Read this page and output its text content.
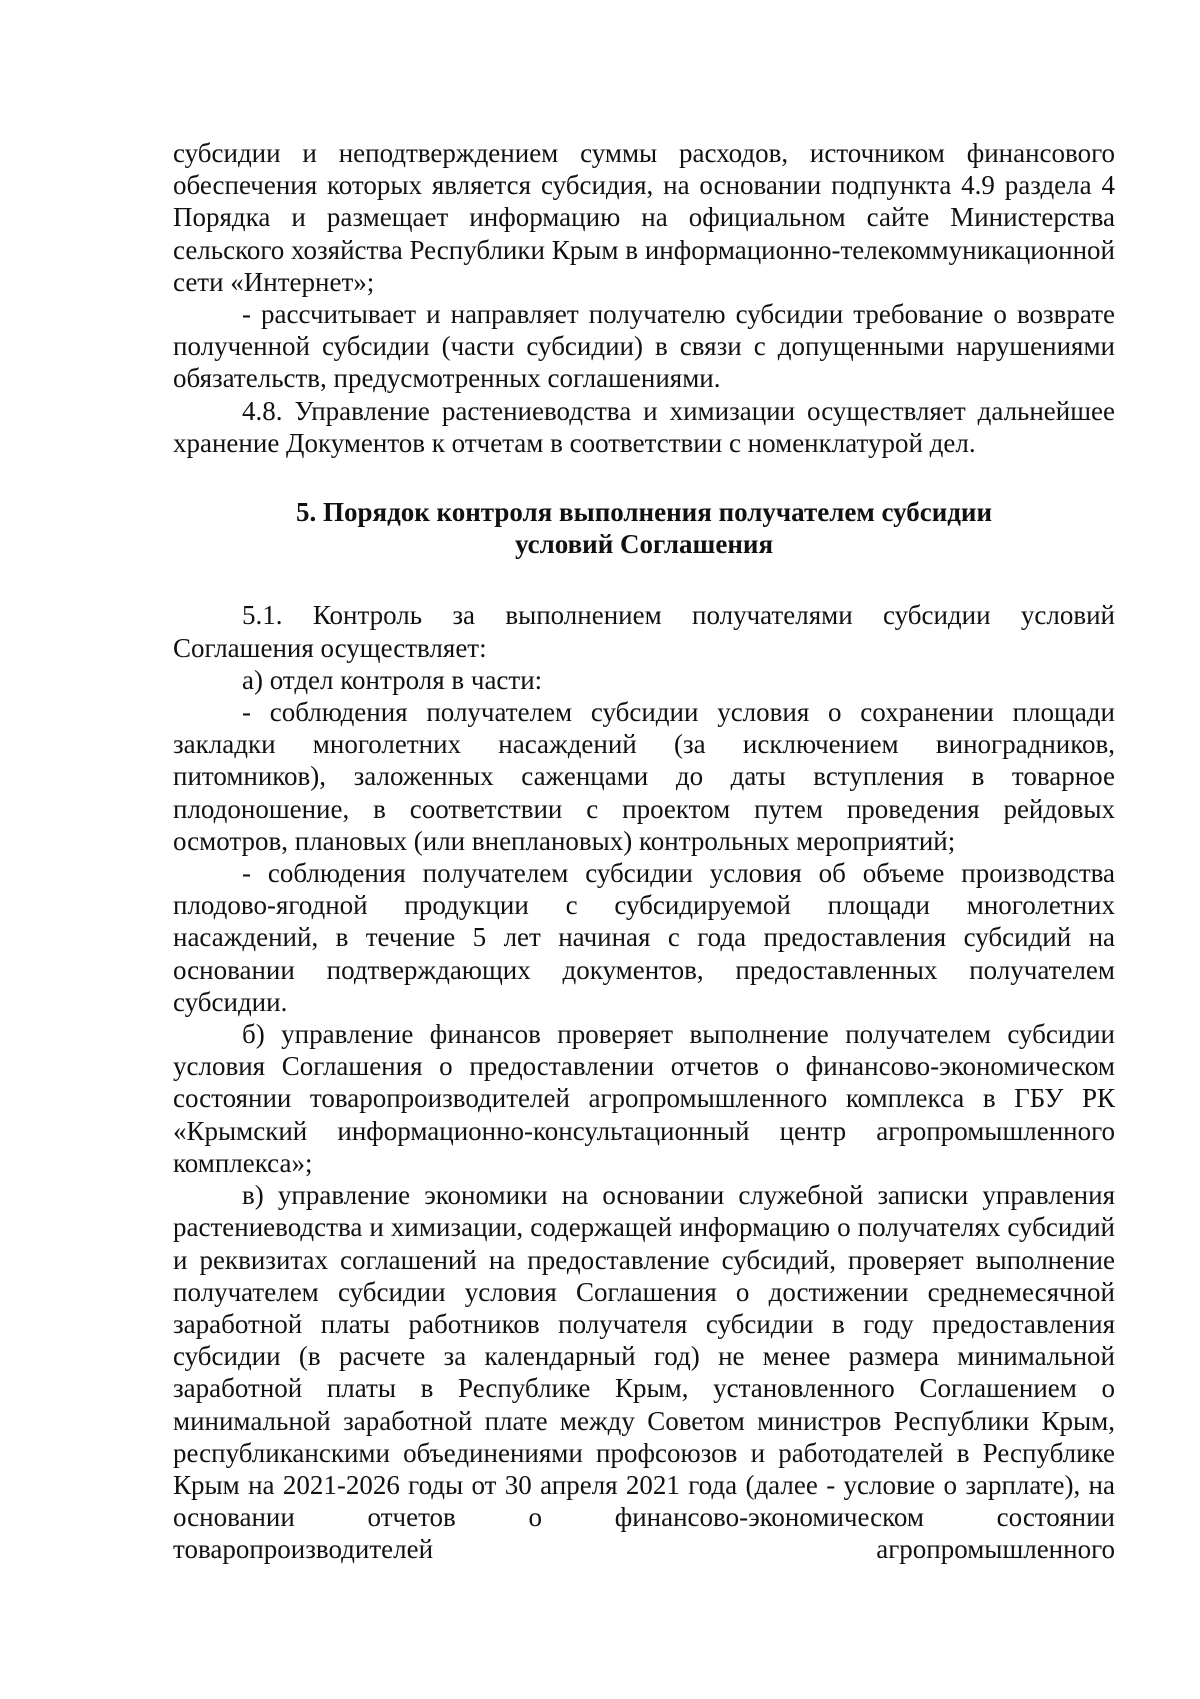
субсидии и неподтверждением суммы расходов, источником финансового обеспечения которых является субсидия, на основании подпункта 4.9 раздела 4 Порядка и размещает информацию на официальном сайте Министерства сельского хозяйства Республики Крым в информационно-телекоммуникационной сети «Интернет»;

- рассчитывает и направляет получателю субсидии требование о возврате полученной субсидии (части субсидии) в связи с допущенными нарушениями обязательств, предусмотренных соглашениями.

4.8. Управление растениеводства и химизации осуществляет дальнейшее хранение Документов к отчетам в соответствии с номенклатурой дел.

5. Порядок контроля выполнения получателем субсидии
условий Соглашения

5.1. Контроль за выполнением получателями субсидии условий Соглашения осуществляет:

а) отдел контроля в части:

- соблюдения получателем субсидии условия о сохранении площади закладки многолетних насаждений (за исключением виноградников, питомников), заложенных саженцами до даты вступления в товарное плодоношение, в соответствии с проектом путем проведения рейдовых осмотров, плановых (или внеплановых) контрольных мероприятий;

- соблюдения получателем субсидии условия об объеме производства плодово-ягодной продукции с субсидируемой площади многолетних насаждений, в течение 5 лет начиная с года предоставления субсидий на основании подтверждающих документов, предоставленных получателем субсидии.

б) управление финансов проверяет выполнение получателем субсидии условия Соглашения о предоставлении отчетов о финансово-экономическом состоянии товаропроизводителей агропромышленного комплекса в ГБУ РК «Крымский информационно-консультационный центр агропромышленного комплекса»;

в) управление экономики на основании служебной записки управления растениеводства и химизации, содержащей информацию о получателях субсидий и реквизитах соглашений на предоставление субсидий, проверяет выполнение получателем субсидии условия Соглашения о достижении среднемесячной заработной платы работников получателя субсидии в году предоставления субсидии (в расчете за календарный год) не менее размера минимальной заработной платы в Республике Крым, установленного Соглашением о минимальной заработной плате между Советом министров Республики Крым, республиканскими объединениями профсоюзов и работодателей в Республике Крым на 2021-2026 годы от 30 апреля 2021 года (далее - условие о зарплате), на основании отчетов о финансово-экономическом состоянии товаропроизводителей агропромышленного
